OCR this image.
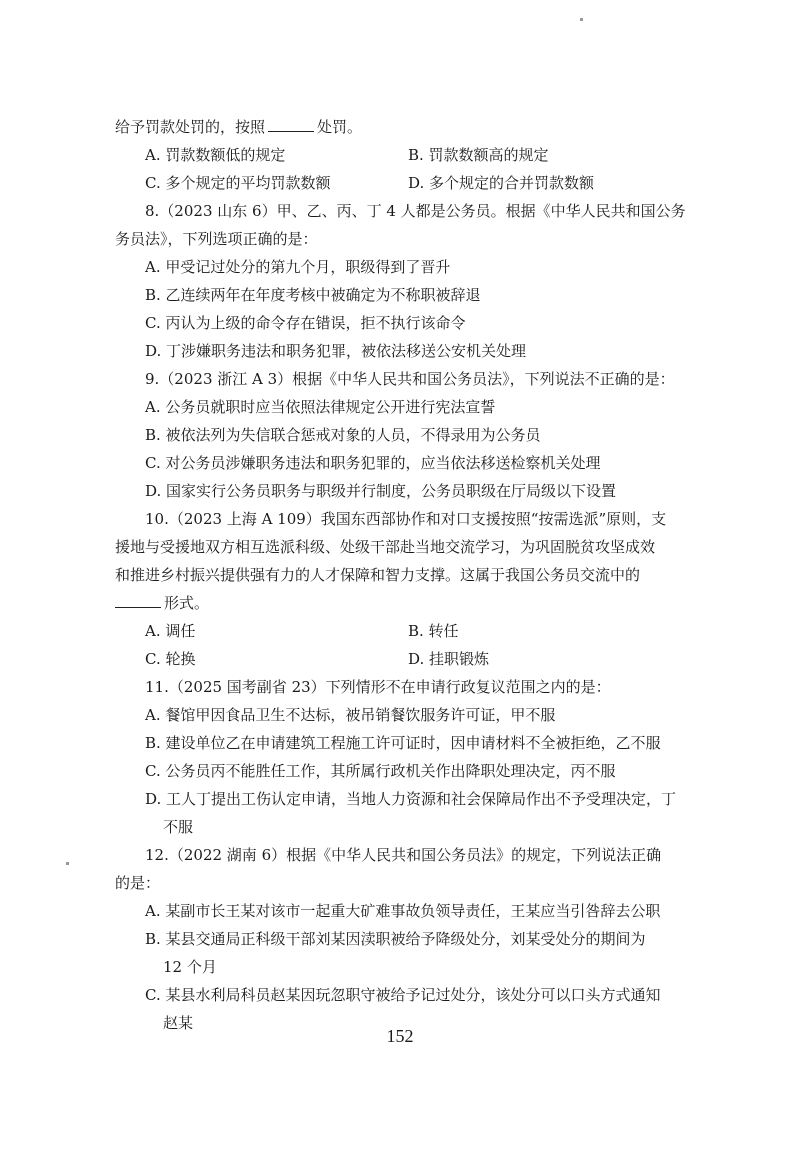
给予罚款处罚的，按照	处罚。
A. 罚款数额低的规定	B. 罚款数额高的规定
C. 多个规定的平均罚款数额	D. 多个规定的合并罚款数额
8.（2023 山东 6）甲、乙、丙、丁 4 人都是公务员。根据《中华人民共和国公务
务员法》，下列选项正确的是：
A. 甲受记过处分的第九个月，职级得到了晋升
B. 乙连续两年在年度考核中被确定为不称职被辞退
C. 丙认为上级的命令存在错误，拒不执行该命令
D. 丁涉嫌职务违法和职务犯罪，被依法移送公安机关处理
9.（2023 浙江 A 3）根据《中华人民共和国公务员法》，下列说法不正确的是：
A. 公务员就职时应当依照法律规定公开进行宪法宣誓
B. 被依法列为失信联合惩戒对象的人员，不得录用为公务员
C. 对公务员涉嫌职务违法和职务犯罪的，应当依法移送检察机关处理
D. 国家实行公务员职务与职级并行制度，公务员职级在厅局级以下设置
10.（2023 上海 A 109）我国东西部协作和对口支援按照“按需选派”原则，支
援地与受援地双方相互选派科级、处级干部赴当地交流学习，为巩固脱贫攻坚成效
和推进乡村振兴提供强有力的人才保障和智力支撑。这属于我国公务员交流中的
形式。
A. 调任	B. 转任
C. 轮换	D. 挂职锻炼
11.（2025 国考副省 23）下列情形不在申请行政复议范围之内的是：
A. 餐馆甲因食品卫生不达标，被吊销餐饮服务许可证，甲不服
B. 建设单位乙在申请建筑工程施工许可证时，因申请材料不全被拒绝，乙不服
C. 公务员丙不能胜任工作，其所属行政机关作出降职处理决定，丙不服
D. 工人丁提出工伤认定申请，当地人力资源和社会保障局作出不予受理决定，丁
不服
12.（2022 湖南 6）根据《中华人民共和国公务员法》的规定，下列说法正确
的是：
A. 某副市长王某对该市一起重大矿难事故负领导责任，王某应当引咎辞去公职
B. 某县交通局正科级干部刘某因渎职被给予降级处分，刘某受处分的期间为
12 个月
C. 某县水利局科员赵某因玩忽职守被给予记过处分，该处分可以口头方式通知
赵某
152
